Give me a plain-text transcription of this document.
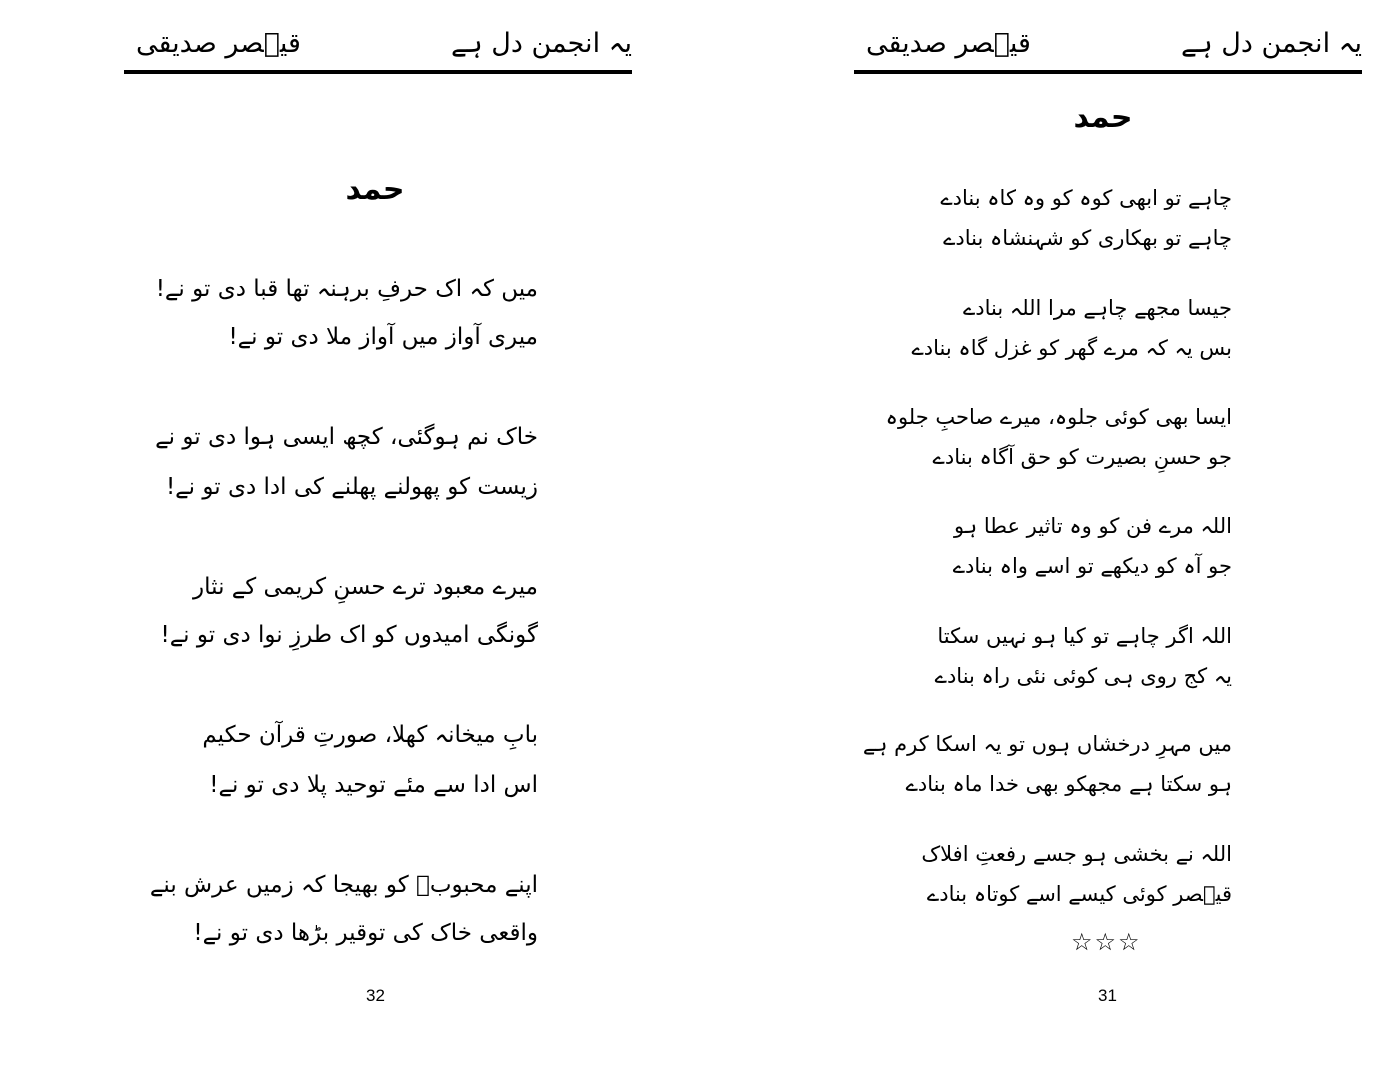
یہ انجمن دل ہے
قیؔصر صدیقی
حمد
میں کہ اک حرفِ برہنہ تھا قبا دی تو نے!
میری آواز میں آواز ملا دی تو نے!
خاک نم ہوگئی، کچھ ایسی ہوا دی تو نے
زیست کو پھولنے پھلنے کی ادا دی تو نے!
میرے معبود ترے حسنِ کریمی کے نثار
گونگی امیدوں کو اک طرزِ نوا دی تو نے!
بابِ میخانہ کھلا، صورتِ قرآن حکیم
اس ادا سے مئے توحید پلا دی تو نے!
اپنے محبوبؐ کو بھیجا کہ زمیں عرش بنے
واقعی خاک کی توقیر بڑھا دی تو نے!
32
یہ انجمن دل ہے
قیؔصر صدیقی
حمد
چاہے تو ابھی کوہ کو وہ کاہ بنادے
چاہے تو بھکاری کو شہنشاہ بنادے
جیسا مجھے چاہے مرا اللہ بنادے
بس یہ کہ مرے گھر کو غزل گاہ بنادے
ایسا بھی کوئی جلوہ، میرے صاحبِ جلوہ
جو حسنِ بصیرت کو حق آگاہ بنادے
اللہ مرے فن کو وہ تاثیر عطا ہو
جو آہ کو دیکھے تو اسے واہ بنادے
اللہ اگر چاہے تو کیا ہو نہیں سکتا
یہ کج روی ہی کوئی نئی راہ بنادے
میں مہرِ درخشاں ہوں تو یہ اسکا کرم ہے
ہو سکتا ہے مجھکو بھی خدا ماہ بنادے
اللہ نے بخشی ہو جسے رفعتِ افلاک
قیؔصر کوئی کیسے اسے کوتاہ بنادے
☆☆☆
31
